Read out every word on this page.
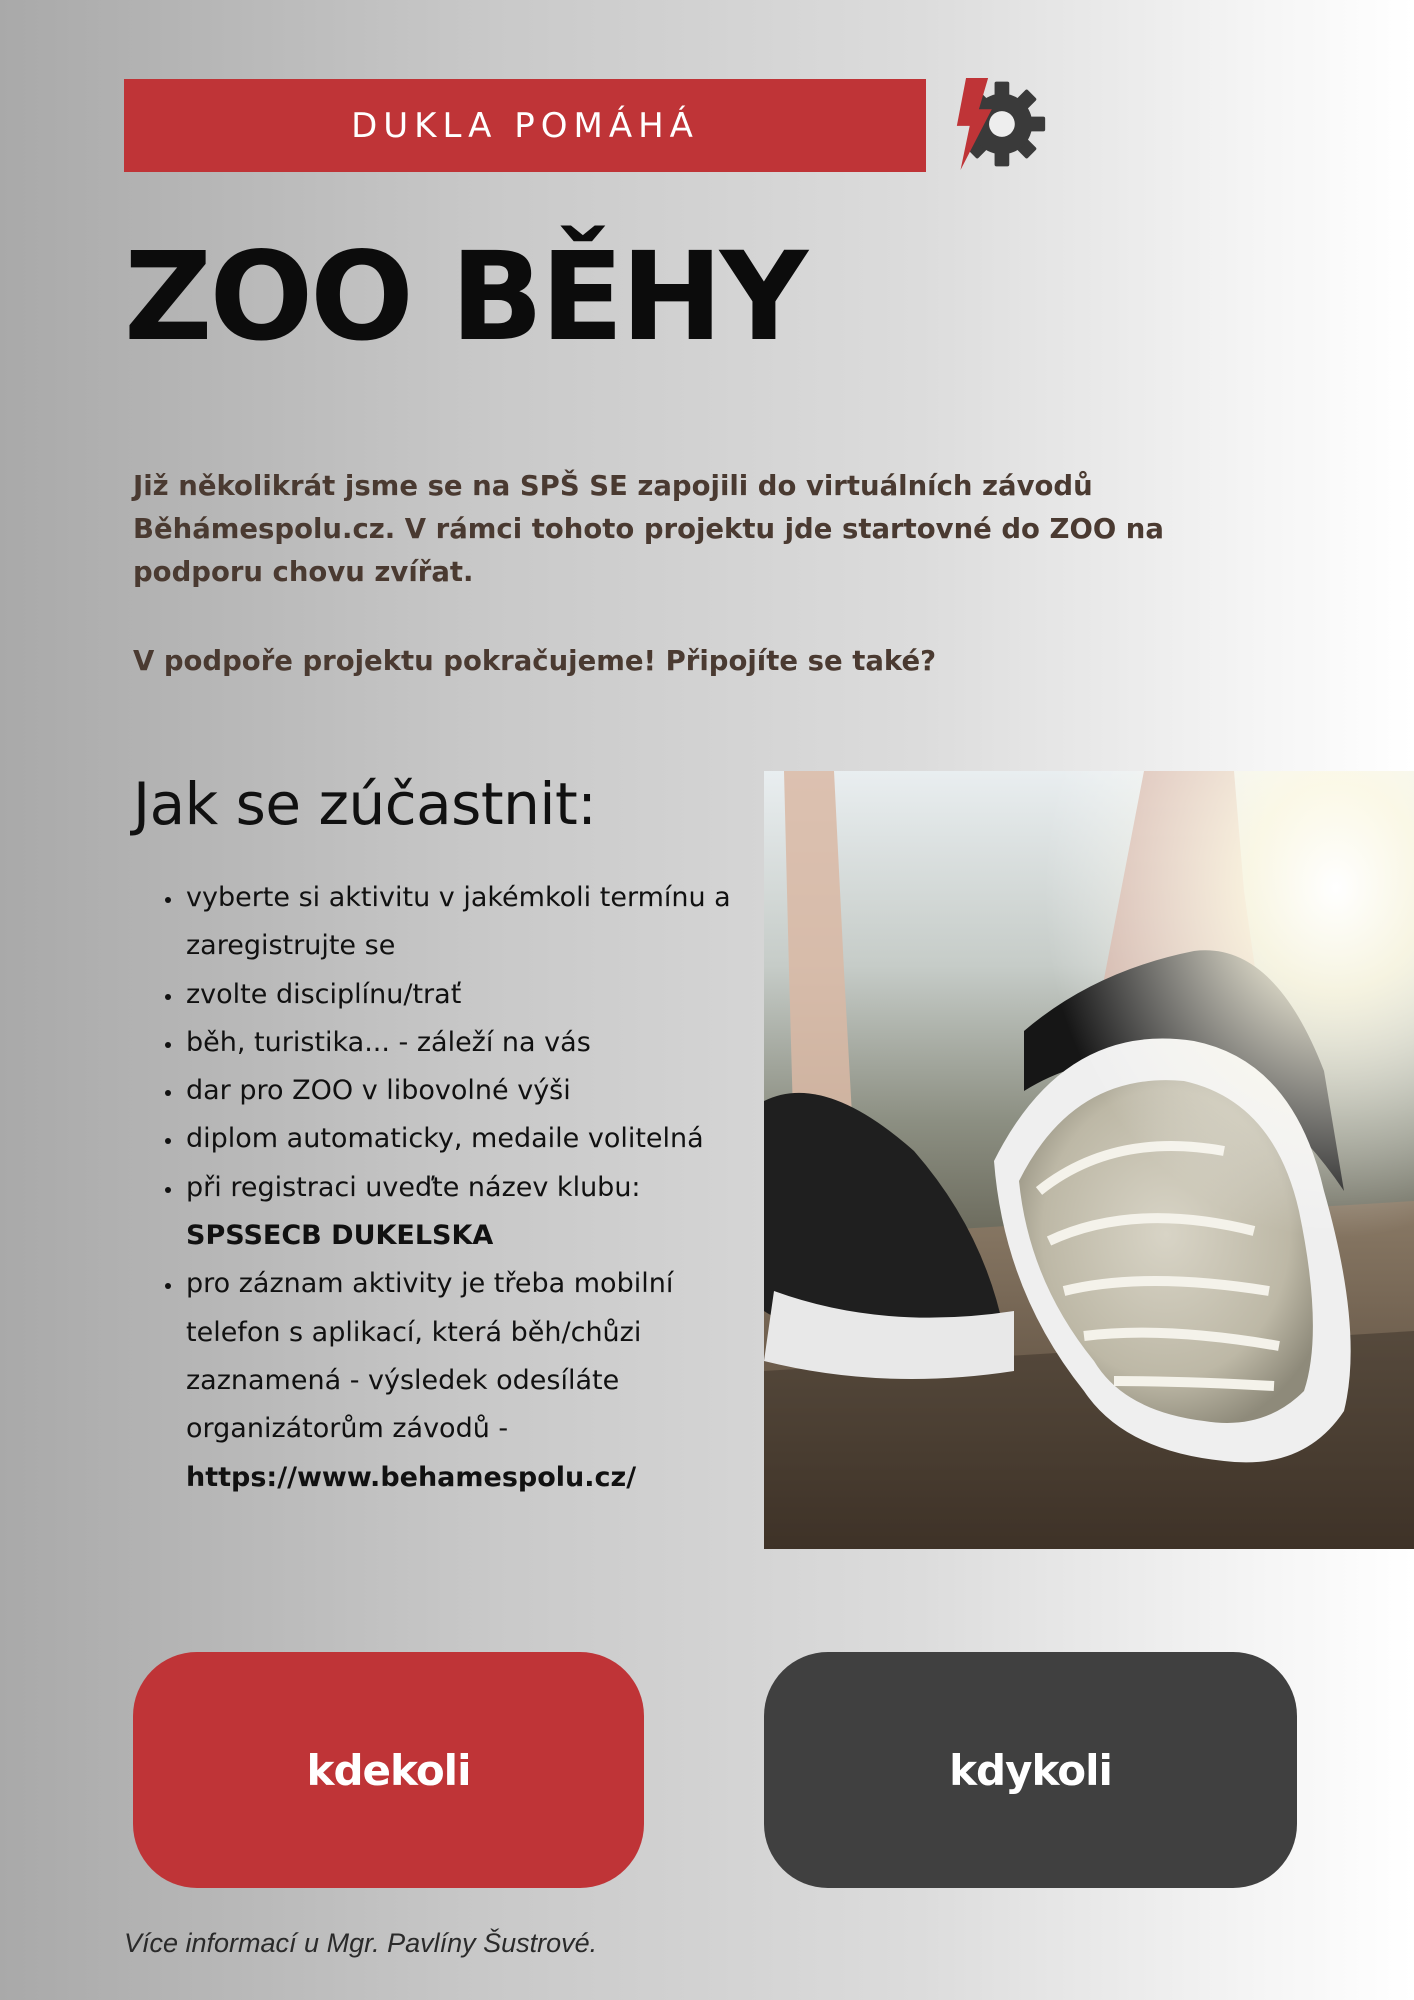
DUKLA POMÁHÁ
ZOO BĚHY

Již několikrát jsme se na SPŠ SE zapojili do virtuálních závodů Běhámespolu.cz. V rámci tohoto projektu jde startovné do ZOO na podporu chovu zvířat.

V podpoře projektu pokračujeme! Připojíte se také?

Jak se zúčastnit:
• vyberte si aktivitu v jakémkoli termínu a zaregistrujte se
• zvolte disciplínu/trať
• běh, turistika... - záleží na vás
• dar pro ZOO v libovolné výši
• diplom automaticky, medaile volitelná
• při registraci uveďte název klubu:
SPSSECB DUKELSKA
• pro záznam aktivity je třeba mobilní telefon s aplikací, která běh/chůzi zaznamená - výsledek odesíláte organizátorům závodů -
https://www.behamespolu.cz/
kdekoli	kdykoli

Více informací u Mgr. Pavlíny Šustrové.
